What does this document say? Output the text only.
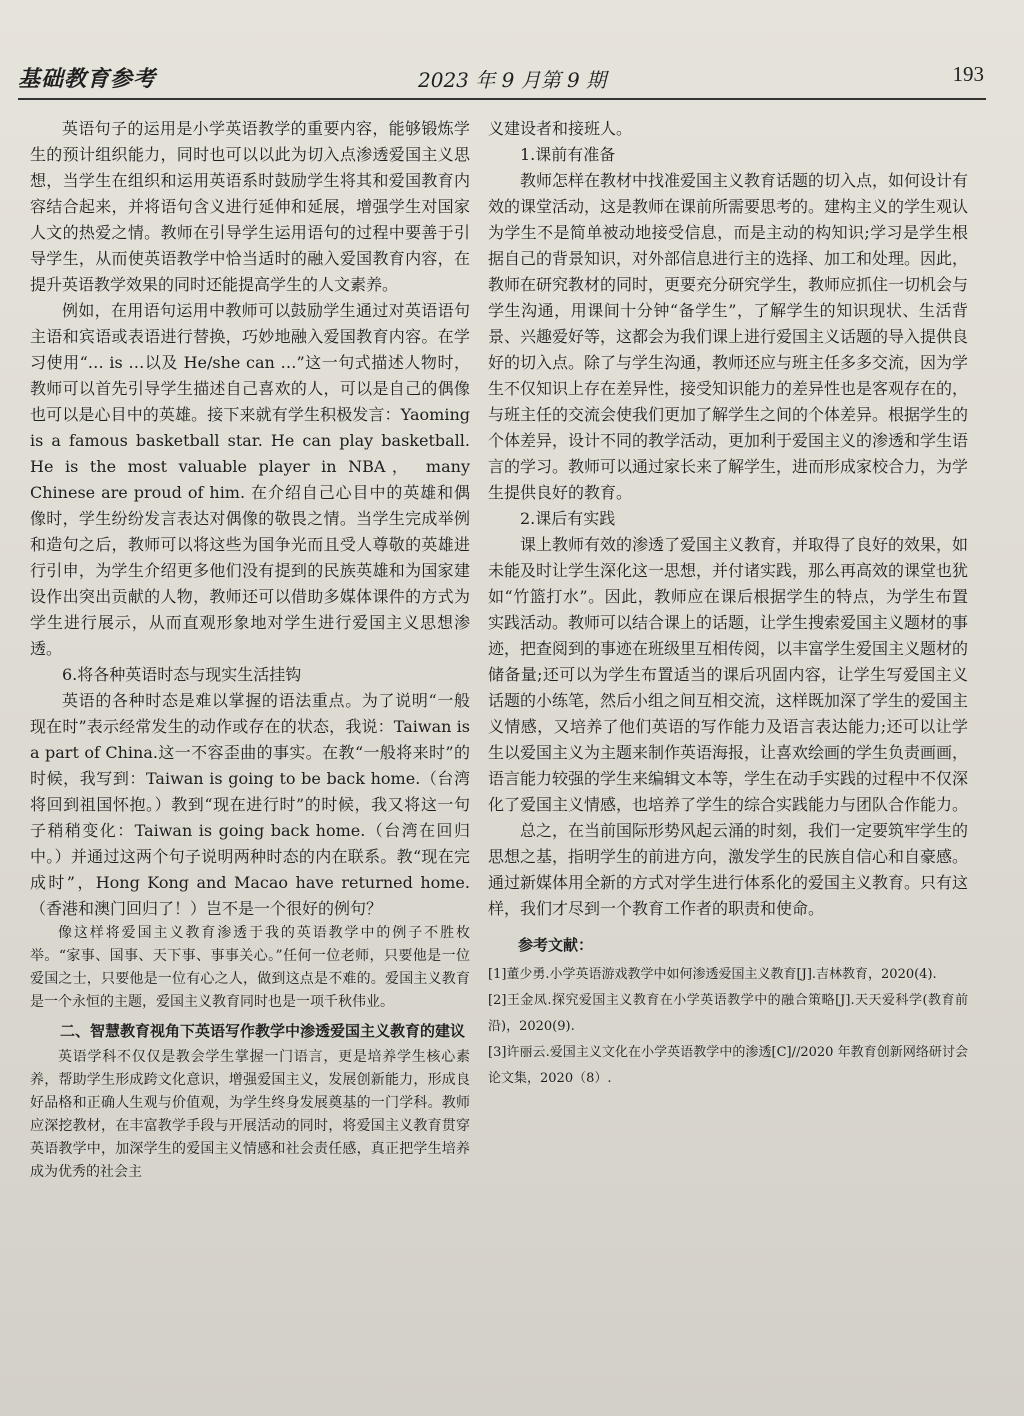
基础教育参考	2023 年 9 月第 9 期	193

英语句子的运用是小学英语教学的重要内容，能够锻炼学生的预计组织能力，同时也可以以此为切入点渗透爱国主义思想，当学生在组织和运用英语系时鼓励学生将其和爱国教育内容结合起来，并将语句含义进行延伸和延展，增强学生对国家人文的热爱之情。教师在引导学生运用语句的过程中要善于引导学生，从而使英语教学中恰当适时的融入爱国教育内容，在提升英语教学效果的同时还能提高学生的人文素养。

例如，在用语句运用中教师可以鼓励学生通过对英语语句主语和宾语或表语进行替换，巧妙地融入爱国教育内容。在学习使用“… is …以及 He/she can …”这一句式描述人物时，教师可以首先引导学生描述自己喜欢的人，可以是自己的偶像也可以是心目中的英雄。接下来就有学生积极发言：Yaoming is a famous basketball star. He can play basketball. He is the most valuable player in NBA， many Chinese are proud of him. 在介绍自己心目中的英雄和偶像时，学生纷纷发言表达对偶像的敬畏之情。当学生完成举例和造句之后，教师可以将这些为国争光而且受人尊敬的英雄进行引申，为学生介绍更多他们没有提到的民族英雄和为国家建设作出突出贡献的人物，教师还可以借助多媒体课件的方式为学生进行展示，从而直观形象地对学生进行爱国主义思想渗透。

6.将各种英语时态与现实生活挂钩

英语的各种时态是难以掌握的语法重点。为了说明“一般现在时”表示经常发生的动作或存在的状态，我说：Taiwan is a part of China.这一不容歪曲的事实。在教“一般将来时”的时候，我写到：Taiwan is going to be back home.（台湾将回到祖国怀抱。）教到“现在进行时”的时候，我又将这一句子稍稍变化：Taiwan is going back home.（台湾在回归中。）并通过这两个句子说明两种时态的内在联系。教“现在完成时”，Hong Kong and Macao have returned home.（香港和澳门回归了！）岂不是一个很好的例句？

像这样将爱国主义教育渗透于我的英语教学中的例子不胜枚举。“家事、国事、天下事、事事关心。”任何一位老师，只要他是一位爱国之士，只要他是一位有心之人，做到这点是不难的。爱国主义教育是一个永恒的主题，爱国主义教育同时也是一项千秋伟业。

二、智慧教育视角下英语写作教学中渗透爱国主义教育的建议

英语学科不仅仅是教会学生掌握一门语言，更是培养学生核心素养，帮助学生形成跨文化意识，增强爱国主义，发展创新能力，形成良好品格和正确人生观与价值观，为学生终身发展奠基的一门学科。教师应深挖教材，在丰富教学手段与开展活动的同时，将爱国主义教育贯穿英语教学中，加深学生的爱国主义情感和社会责任感，真正把学生培养成为优秀的社会主

义建设者和接班人。

1.课前有准备

教师怎样在教材中找准爱国主义教育话题的切入点，如何设计有效的课堂活动，这是教师在课前所需要思考的。建构主义的学生观认为学生不是简单被动地接受信息，而是主动的构知识;学习是学生根据自己的背景知识，对外部信息进行主的选择、加工和处理。因此，教师在研究教材的同时，更要充分研究学生，教师应抓住一切机会与学生沟通，用课间十分钟“备学生”，了解学生的知识现状、生活背景、兴趣爱好等，这都会为我们课上进行爱国主义话题的导入提供良好的切入点。除了与学生沟通，教师还应与班主任多多交流，因为学生不仅知识上存在差异性，接受知识能力的差异性也是客观存在的，与班主任的交流会使我们更加了解学生之间的个体差异。根据学生的个体差异，设计不同的教学活动，更加利于爱国主义的渗透和学生语言的学习。教师可以通过家长来了解学生，进而形成家校合力，为学生提供良好的教育。

2.课后有实践

课上教师有效的渗透了爱国主义教育，并取得了良好的效果，如未能及时让学生深化这一思想，并付诸实践，那么再高效的课堂也犹如“竹篮打水”。因此，教师应在课后根据学生的特点，为学生布置实践活动。教师可以结合课上的话题，让学生搜索爱国主义题材的事迹，把查阅到的事迹在班级里互相传阅，以丰富学生爱国主义题材的储备量;还可以为学生布置适当的课后巩固内容，让学生写爱国主义话题的小练笔，然后小组之间互相交流，这样既加深了学生的爱国主义情感，又培养了他们英语的写作能力及语言表达能力;还可以让学生以爱国主义为主题来制作英语海报，让喜欢绘画的学生负责画画，语言能力较强的学生来编辑文本等，学生在动手实践的过程中不仅深化了爱国主义情感，也培养了学生的综合实践能力与团队合作能力。

总之，在当前国际形势风起云涌的时刻，我们一定要筑牢学生的思想之基，指明学生的前进方向，激发学生的民族自信心和自豪感。通过新媒体用全新的方式对学生进行体系化的爱国主义教育。只有这样，我们才尽到一个教育工作者的职责和使命。

参考文献：

[1]董少勇.小学英语游戏教学中如何渗透爱国主义教育[J].吉林教育，2020(4).

[2]王金凤.探究爱国主义教育在小学英语教学中的融合策略[J].天天爱科学(教育前沿)，2020(9).

[3]许丽云.爱国主义文化在小学英语教学中的渗透[C]//2020 年教育创新网络研讨会论文集，2020（8）.
